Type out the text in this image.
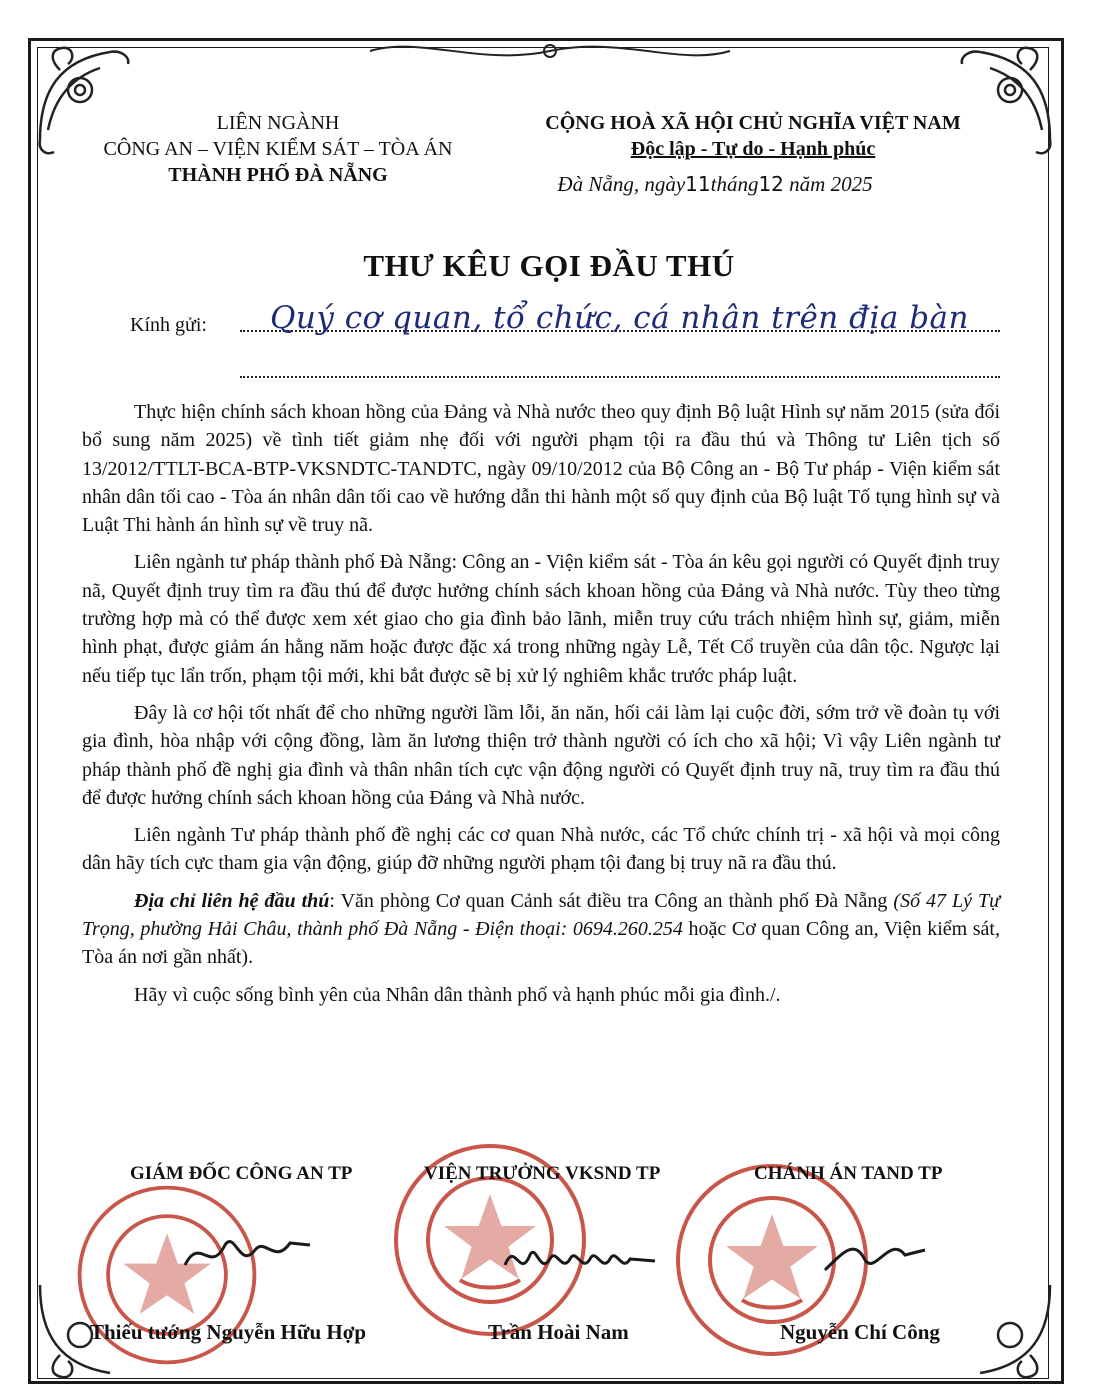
LIÊN NGÀNH
CÔNG AN – VIỆN KIỂM SÁT – TÒA ÁN
THÀNH PHỐ ĐÀ NẴNG
CỘNG HOÀ XÃ HỘI CHỦ NGHĨA VIỆT NAM
Độc lập - Tự do - Hạnh phúc
Đà Nẵng, ngày11tháng12 năm 2025
THƯ KÊU GỌI ĐẦU THÚ
Kính gửi: Quý cơ quan, tổ chức, cá nhân trên địa bàn

Thực hiện chính sách khoan hồng của Đảng và Nhà nước theo quy định Bộ luật Hình sự năm 2015 (sửa đổi bổ sung năm 2025) về tình tiết giảm nhẹ đối với người phạm tội ra đầu thú và Thông tư Liên tịch số 13/2012/TTLT-BCA-BTP-VKSNDTC-TANDTC, ngày 09/10/2012 của Bộ Công an - Bộ Tư pháp - Viện kiểm sát nhân dân tối cao - Tòa án nhân dân tối cao về hướng dẫn thi hành một số quy định của Bộ luật Tố tụng hình sự và Luật Thi hành án hình sự về truy nã.

Liên ngành tư pháp thành phố Đà Nẵng: Công an - Viện kiểm sát - Tòa án kêu gọi người có Quyết định truy nã, Quyết định truy tìm ra đầu thú để được hưởng chính sách khoan hồng của Đảng và Nhà nước. Tùy theo từng trường hợp mà có thể được xem xét giao cho gia đình bảo lãnh, miễn truy cứu trách nhiệm hình sự, giảm, miễn hình phạt, được giảm án hằng năm hoặc được đặc xá trong những ngày Lễ, Tết Cổ truyền của dân tộc. Ngược lại nếu tiếp tục lẩn trốn, phạm tội mới, khi bắt được sẽ bị xử lý nghiêm khắc trước pháp luật.

Đây là cơ hội tốt nhất để cho những người lầm lỗi, ăn năn, hối cải làm lại cuộc đời, sớm trở về đoàn tụ với gia đình, hòa nhập với cộng đồng, làm ăn lương thiện trở thành người có ích cho xã hội; Vì vậy Liên ngành tư pháp thành phố đề nghị gia đình và thân nhân tích cực vận động người có Quyết định truy nã, truy tìm ra đầu thú để được hưởng chính sách khoan hồng của Đảng và Nhà nước.

Liên ngành Tư pháp thành phố đề nghị các cơ quan Nhà nước, các Tổ chức chính trị - xã hội và mọi công dân hãy tích cực tham gia vận động, giúp đỡ những người phạm tội đang bị truy nã ra đầu thú.

Địa chỉ liên hệ đầu thú: Văn phòng Cơ quan Cảnh sát điều tra Công an thành phố Đà Nẵng (Số 47 Lý Tự Trọng, phường Hải Châu, thành phố Đà Nẵng - Điện thoại: 0694.260.254 hoặc Cơ quan Công an, Viện kiểm sát, Tòa án nơi gần nhất).

Hãy vì cuộc sống bình yên của Nhân dân thành phố và hạnh phúc mỗi gia đình./.

GIÁM ĐỐC CÔNG AN TP	VIỆN TRƯỞNG VKSND TP	CHÁNH ÁN TAND TP
Thiếu tướng Nguyễn Hữu Hợp	Trần Hoài Nam	Nguyễn Chí Công
